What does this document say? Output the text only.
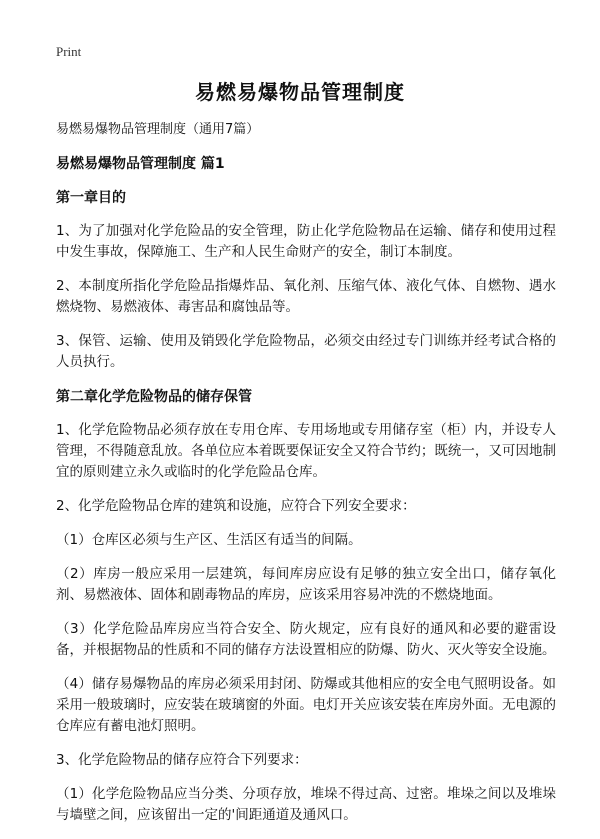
Print
易燃易爆物品管理制度

易燃易爆物品管理制度（通用7篇）

易燃易爆物品管理制度 篇1

第一章目的

1、为了加强对化学危险品的安全管理，防止化学危险物品在运输、储存和使用过程中发生事故，保障施工、生产和人民生命财产的安全，制订本制度。

2、本制度所指化学危险品指爆炸品、氧化剂、压缩气体、液化气体、自燃物、遇水燃烧物、易燃液体、毒害品和腐蚀品等。

3、保管、运输、使用及销毁化学危险物品，必须交由经过专门训练并经考试合格的人员执行。

第二章化学危险物品的储存保管

1、化学危险物品必须存放在专用仓库、专用场地或专用储存室（柜）内，并设专人管理，不得随意乱放。各单位应本着既要保证安全又符合节约；既统一，又可因地制宜的原则建立永久或临时的化学危险品仓库。

2、化学危险物品仓库的建筑和设施，应符合下列安全要求：

（1）仓库区必须与生产区、生活区有适当的间隔。

（2）库房一般应采用一层建筑，每间库房应设有足够的独立安全出口，储存氧化剂、易燃液体、固体和剧毒物品的库房，应该采用容易冲洗的不燃烧地面。

（3）化学危险品库房应当符合安全、防火规定，应有良好的通风和必要的避雷设备，并根据物品的性质和不同的储存方法设置相应的防爆、防火、灭火等安全设施。

（4）储存易爆物品的库房必须采用封闭、防爆或其他相应的安全电气照明设备。如采用一般玻璃时，应安装在玻璃窗的外面。电灯开关应该安装在库房外面。无电源的仓库应有蓄电池灯照明。

3、化学危险物品的储存应符合下列要求：

（1）化学危险物品应当分类、分项存放，堆垛不得过高、过密。堆垛之间以及堆垛与墙壁之间，应该留出一定的'间距通道及通风口。
